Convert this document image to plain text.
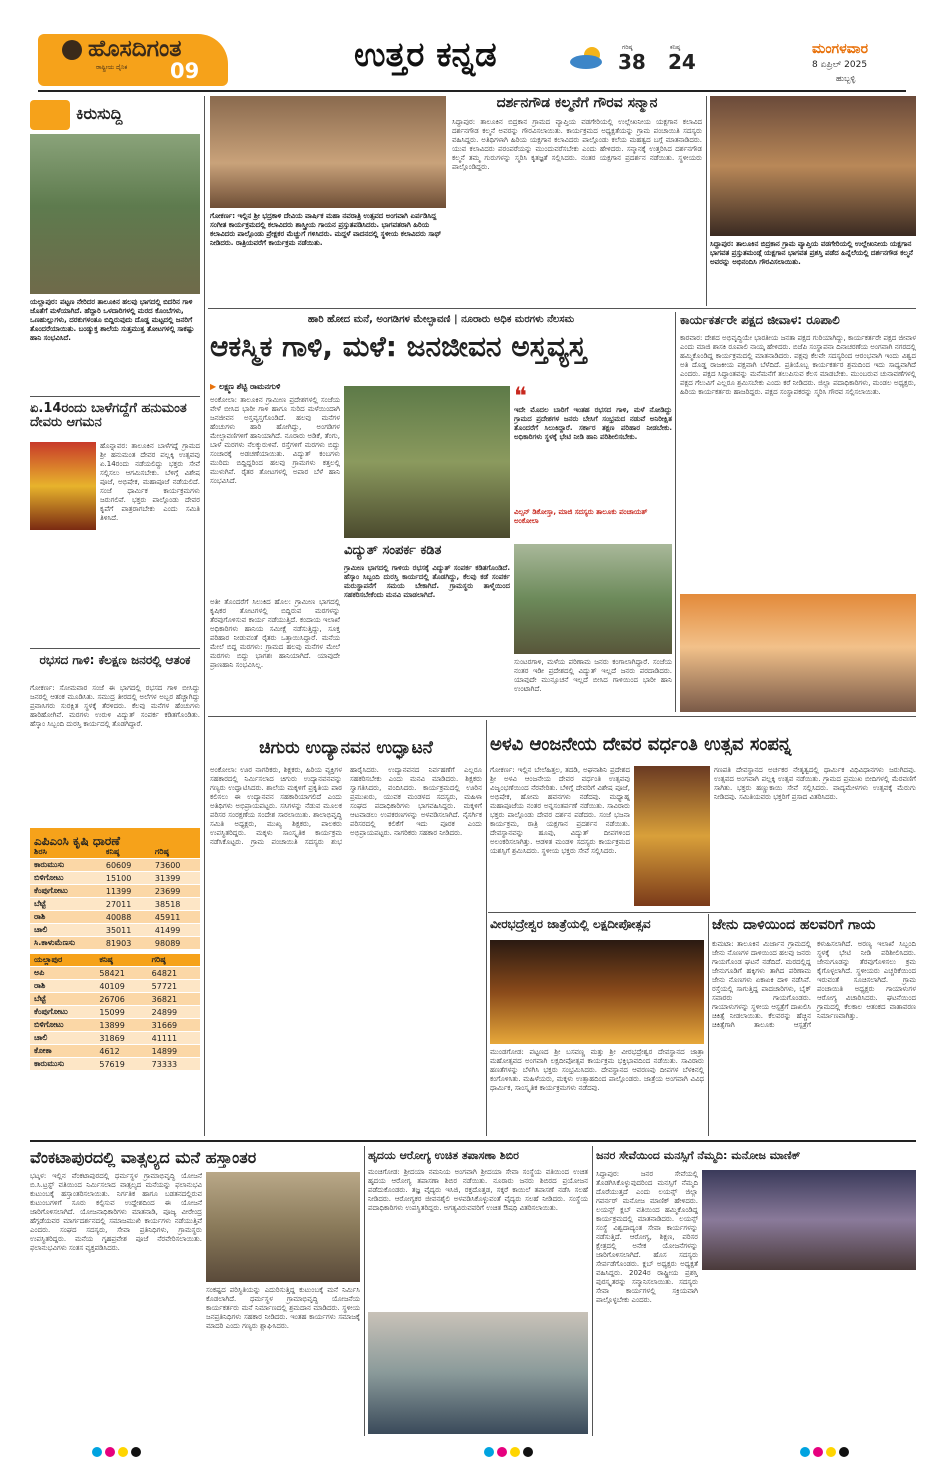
ಹೊಸದಿಗಂತ
ರಾಷ್ಟ್ರೀಯ ದೈನಿಕ 09	ಉತ್ತರ ಕನ್ನಡ	ಗರಿಷ್ಠ
38
ಕನಿಷ್ಠ
24
ಮಂಗಳವಾರ
8 ಏಪ್ರಿಲ್ 2025
ಹುಬ್ಬಳ್ಳಿ
ಕಿರುಸುದ್ದಿ
ಯಲ್ಲಾಪುರ: ಪಟ್ಟಣ ನೇರಿದರ ತಾಲೂಕಿನ ಹಲವು ಭಾಗದಲ್ಲಿ ಬಿದರಿನ ಗಾಳಿ ಜೊತೆಗೆ ಮಳೆಯಾಗಿದೆ. ಹೆದ್ದಾರಿ ಒಳದಾರಿಗಳಲ್ಲಿ ಮರದ ಕೊಂಬೆಗಳು, ಒಣಹುಲ್ಲುಗಳು, ದರಕುಗಳಂತೂ ಬಿದ್ದಿರುವುದು ದೊಡ್ಡ ಮಟ್ಟದಲ್ಲಿ ಜನರಿಗೆ ತೊಂದರೆಯಾಯಿತು. ಬಂಡ್ಯುಕ್ತ ಶಾಲೆಯ ಸುತ್ತಮುತ್ತ ತೋಟಗಳಲ್ಲಿ ಸಾಕಷ್ಟು ಹಾನಿ ಸಂಭವಿಸಿದೆ.
ಏ.14ರಂದು ಬಾಳೆಗದ್ದೆಗೆ ಹನುಮಂತ ದೇವರು ಆಗಮನ
ಹೊನ್ನಾವರ: ತಾಲೂಕಿನ ಬಾಳೆಗದ್ದೆ ಗ್ರಾಮದ ಶ್ರೀ ಹನುಮಂತ ದೇವರ ಪಲ್ಲಕ್ಕಿ ಉತ್ಸವವು ಏ.14ರಂದು ನಡೆಯಲಿದ್ದು ಭಕ್ತರು ಸೇವೆ ಸಲ್ಲಿಸಲು ಆಗಮಿಸಬೇಕು. ಬೆಳಿಗ್ಗೆ ವಿಶೇಷ ಪೂಜೆ, ಅಭಿಷೇಕ, ಮಹಾಪೂಜೆ ನಡೆಯಲಿದೆ. ಸಂಜೆ ಧಾರ್ಮಿಕ ಕಾರ್ಯಕ್ರಮಗಳು ಜರುಗಲಿವೆ. ಭಕ್ತರು ಪಾಲ್ಗೊಂಡು ದೇವರ ಕೃಪೆಗೆ ಪಾತ್ರರಾಗಬೇಕು ಎಂದು ಸಮಿತಿ ತಿಳಿಸಿದೆ.
ರಭಸದ ಗಾಳಿ: ಕೆಲಕ್ಷಣ ಜನರಲ್ಲಿ ಆತಂಕ
ಗೋಕರ್ಣ: ಸೋಮವಾರ ಸಂಜೆ ಈ ಭಾಗದಲ್ಲಿ ರಭಸದ ಗಾಳಿ ಬೀಸಿದ್ದು ಜನರಲ್ಲಿ ಆತಂಕ ಮೂಡಿಸಿತು. ಸಮುದ್ರ ತೀರದಲ್ಲಿ ಅಲೆಗಳ ಅಬ್ಬರ ಹೆಚ್ಚಾಗಿದ್ದು ಪ್ರವಾಸಿಗರು ಸುರಕ್ಷಿತ ಸ್ಥಳಕ್ಕೆ ತೆರಳಿದರು. ಕೆಲವು ಮನೆಗಳ ಹೆಂಚುಗಳು ಹಾರಿಹೋಗಿವೆ. ಮರಗಳು ಉರುಳಿ ವಿದ್ಯುತ್ ಸಂಪರ್ಕ ಕಡಿತಗೊಂಡಿತು. ಹೆಸ್ಕಾಂ ಸಿಬ್ಬಂದಿ ದುರಸ್ತಿ ಕಾರ್ಯದಲ್ಲಿ ತೊಡಗಿದ್ದಾರೆ.
ಎಪಿಎಂಸಿ ಕೃಷಿ ಧಾರಣೆ
ಶಿರಸಿ	ಕನಿಷ್ಠ	ಗರಿಷ್ಠ
ಕಾರುಮುಸು	60609	73600
ಬಿಳಿಗೋಟು	15100	31399
ಕೆಂಪುಗೋಟು	11399	23699
ಬೆಟ್ಟೆ	27011	38518
ರಾಶಿ	40088	45911
ಚಾಲಿ	35011	41499
ಸಿ.ಕಾಳುಮೆಣಸು	81903	98089
ಯಲ್ಲಾಪುರ	ಕನಿಷ್ಠ	ಗರಿಷ್ಠ
ಅಪಿ	58421	64821
ರಾಶಿ	40109	57721
ಬೆಟ್ಟೆ	26706	36821
ಕೆಂಪುಗೋಟು	15099	24899
ಬಿಳಿಗೋಟು	13899	31669
ಚಾಲಿ	31869	41111
ಕೋಕಾ	4612	14899
ಕಾರುಮುಸು	57619	73333
ಗೋಕರ್ಣ: ಇಲ್ಲಿನ ಶ್ರೀ ಭದ್ರಕಾಳಿ ದೇವಿಯ ವಾರ್ಷಿಕ ಮಹಾ ನವರಾತ್ರಿ ಉತ್ಸವದ ಅಂಗವಾಗಿ ಏರ್ಪಡಿಸಿದ್ದ ಸಂಗೀತ ಕಾರ್ಯಕ್ರಮದಲ್ಲಿ ಕಲಾವಿದರು ಶಾಸ್ತ್ರೀಯ ಗಾಯನ ಪ್ರಸ್ತುತಪಡಿಸಿದರು. ಭಾಗವತರಾಗಿ ಹಿರಿಯ ಕಲಾವಿದರು ಪಾಲ್ಗೊಂಡು ಪ್ರೇಕ್ಷಕರ ಮೆಚ್ಚುಗೆ ಗಳಿಸಿದರು. ಮದ್ದಳೆ ವಾದನದಲ್ಲಿ ಸ್ಥಳೀಯ ಕಲಾವಿದರು ಸಾಥ್ ನೀಡಿದರು. ರಾತ್ರಿಯವರೆಗೆ ಕಾರ್ಯಕ್ರಮ ನಡೆಯಿತು.
ದರ್ಶನಗೌಡ ಕಲ್ಮನೆಗೆ ಗೌರವ ಸನ್ಮಾನ
ಸಿದ್ದಾಪುರ: ತಾಲೂಕಿನ ಬಿದ್ರಕಾನ ಗ್ರಾಮದ ವ್ಯಾಪ್ತಿಯ ವಡಗೇರಿಯಲ್ಲಿ ಉಲ್ಲೇಖನೀಯ ಯಕ್ಷಗಾನ ಕಲಾವಿದ ದರ್ಶನಗೌಡ ಕಲ್ಮನೆ ಅವರನ್ನು ಗೌರವಿಸಲಾಯಿತು. ಕಾರ್ಯಕ್ರಮದ ಅಧ್ಯಕ್ಷತೆಯನ್ನು ಗ್ರಾಮ ಪಂಚಾಯಿತಿ ಸದಸ್ಯರು ವಹಿಸಿದ್ದರು. ಅತಿಥಿಗಳಾಗಿ ಹಿರಿಯ ಯಕ್ಷಗಾನ ಕಲಾವಿದರು ಪಾಲ್ಗೊಂಡು ಕಲೆಯ ಮಹತ್ವದ ಬಗ್ಗೆ ಮಾತನಾಡಿದರು. ಯುವ ಕಲಾವಿದರು ಪರಂಪರೆಯನ್ನು ಮುಂದುವರೆಸಬೇಕು ಎಂದು ಹೇಳಿದರು. ಸನ್ಮಾನಕ್ಕೆ ಉತ್ತರಿಸಿದ ದರ್ಶನಗೌಡ ಕಲ್ಮನೆ ತಮ್ಮ ಗುರುಗಳನ್ನು ಸ್ಮರಿಸಿ ಕೃತಜ್ಞತೆ ಸಲ್ಲಿಸಿದರು. ನಂತರ ಯಕ್ಷಗಾನ ಪ್ರದರ್ಶನ ನಡೆಯಿತು. ಸ್ಥಳೀಯರು ಪಾಲ್ಗೊಂಡಿದ್ದರು.
ಸಿದ್ದಾಪುರ: ತಾಲೂಕಿನ ಬಿದ್ರಕಾನ ಗ್ರಾಮ ವ್ಯಾಪ್ತಿಯ ವಡಗೇರಿಯಲ್ಲಿ ಉಲ್ಲೇಖನೀಯ ಯಕ್ಷಗಾನ ಭಾಗವತ ಪ್ರಸ್ತುತಮಂಡ್ಗೆ ಯಕ್ಷಗಾನ ಭಾಗವತ ಪ್ರಶಸ್ತಿ ಪಡೆದ ಹಿನ್ನೆಲೆಯಲ್ಲಿ ದರ್ಶನಗೌಡ ಕಲ್ಮನೆ ಅವರನ್ನು ಅಭಿನಂದಿಸಿ ಗೌರವಿಸಲಾಯಿತು.
ಹಾರಿ ಹೋದ ಮನೆ, ಅಂಗಡಿಗಳ ಮೇಲ್ಛಾವಣಿ | ನೂರಾರು ಅಧಿಕ ಮರಗಳು ನೆಲಸಮ
ಆಕಸ್ಮಿಕ ಗಾಳಿ, ಮಳೆ: ಜನಜೀವನ ಅಸ್ತವ್ಯಸ್ತ
▶ ಲಕ್ಷ್ಮಣ ಶೆಟ್ಟಿ ರಾಮನಗುಳಿ
ಅಂಕೋಲಾ: ತಾಲೂಕಿನ ಗ್ರಾಮೀಣ ಪ್ರದೇಶಗಳಲ್ಲಿ ಸಂಜೆಯ ವೇಳೆ ಬೀಸಿದ ಭಾರೀ ಗಾಳಿ ಹಾಗೂ ಸುರಿದ ಮಳೆಯಿಂದಾಗಿ ಜನಜೀವನ ಅಸ್ತವ್ಯಸ್ತಗೊಂಡಿದೆ. ಹಲವು ಮನೆಗಳ ಹೆಂಚುಗಳು ಹಾರಿ ಹೋಗಿದ್ದು, ಅಂಗಡಿಗಳ ಮೇಲ್ಛಾವಣಿಗಳಿಗೆ ಹಾನಿಯಾಗಿದೆ. ನೂರಾರು ಅಡಿಕೆ, ತೆಂಗು, ಬಾಳೆ ಮರಗಳು ನೆಲಕ್ಕುರುಳಿವೆ. ರಸ್ತೆಗಳಿಗೆ ಮರಗಳು ಬಿದ್ದು ಸಂಚಾರಕ್ಕೆ ಅಡಚಣೆಯಾಯಿತು. ವಿದ್ಯುತ್ ಕಂಬಗಳು ಮುರಿದು ಬಿದ್ದಿದ್ದರಿಂದ ಹಲವು ಗ್ರಾಮಗಳು ಕತ್ತಲಲ್ಲಿ ಮುಳುಗಿವೆ. ರೈತರ ತೋಟಗಳಲ್ಲಿ ಅಪಾರ ಬೆಳೆ ಹಾನಿ ಸಂಭವಿಸಿದೆ.
ಅತೀ ತೊಂದರೆಗೆ ಸಿಲುಕಿದ ಹೊಲ: ಗ್ರಾಮೀಣ ಭಾಗದಲ್ಲಿ ಕೃಷಿಕರ ತೋಟಗಳಲ್ಲಿ ಬಿದ್ದಿರುವ ಮರಗಳನ್ನು ತೆರವುಗೊಳಿಸುವ ಕಾರ್ಯ ನಡೆಯುತ್ತಿದೆ. ಕಂದಾಯ ಇಲಾಖೆ ಅಧಿಕಾರಿಗಳು ಹಾನಿಯ ಸಮೀಕ್ಷೆ ನಡೆಸುತ್ತಿದ್ದು, ಸೂಕ್ತ ಪರಿಹಾರ ನೀಡುವಂತೆ ರೈತರು ಒತ್ತಾಯಿಸಿದ್ದಾರೆ. ಮನೆಯ ಮೇಲೆ ಬಿದ್ದ ಮರಗಳು: ಗ್ರಾಮದ ಹಲವು ಮನೆಗಳ ಮೇಲೆ ಮರಗಳು ಬಿದ್ದು ಭಾಗಶಃ ಹಾನಿಯಾಗಿದೆ. ಯಾವುದೇ ಪ್ರಾಣಹಾನಿ ಸಂಭವಿಸಿಲ್ಲ.
❝
ಇದೇ ಮೊದಲ ಬಾರಿಗೆ ಇಂತಹ ರಭಸದ ಗಾಳಿ, ಮಳೆ ನೋಡಿದ್ದು ಗ್ರಾಮದ ಪ್ರದೇಶಗಳ ಜನರು ಬೇಸಿಗೆ ಸಂಭ್ರಮದ ನಡುವೆ ಅನಿರೀಕ್ಷಿತ ತೊಂದರೆಗೆ ಸಿಲುಕಿದ್ದಾರೆ. ಸರ್ಕಾರ ತಕ್ಷಣ ಪರಿಹಾರ ನೀಡಬೇಕು. ಅಧಿಕಾರಿಗಳು ಸ್ಥಳಕ್ಕೆ ಭೇಟಿ ನೀಡಿ ಹಾನಿ ಪರಿಶೀಲಿಸಬೇಕು.
ವಿಲ್ಸನ್ ಡಿಕೋಸ್ತಾ, ಮಾಜಿ ಸದಸ್ಯರು ತಾಲೂಕು ಪಂಚಾಯತ್ ಅಂಕೋಲಾ
ವಿದ್ಯುತ್ ಸಂಪರ್ಕ ಕಡಿತ
ಗ್ರಾಮೀಣ ಭಾಗದಲ್ಲಿ ಗಾಳಿಯ ರಭಸಕ್ಕೆ ವಿದ್ಯುತ್ ಸಂಪರ್ಕ ಕಡಿತಗೊಂಡಿದೆ. ಹೆಸ್ಕಾಂ ಸಿಬ್ಬಂದಿ ದುರಸ್ತಿ ಕಾರ್ಯದಲ್ಲಿ ತೊಡಗಿದ್ದು, ಕೆಲವು ಕಡೆ ಸಂಪರ್ಕ ಮರುಸ್ಥಾಪನೆಗೆ ಸಮಯ ಬೇಕಾಗಿದೆ. ಗ್ರಾಮಸ್ಥರು ತಾಳ್ಮೆಯಿಂದ ಸಹಕರಿಸಬೇಕೆಂದು ಮನವಿ ಮಾಡಲಾಗಿದೆ.
ಸುಂಟರಗಾಳಿ, ಮಳೆಯ ಪರಿಣಾಮ ಜನರು ಕಂಗಾಲಾಗಿದ್ದಾರೆ. ಸಂಜೆಯ ನಂತರ ಇಡೀ ಪ್ರದೇಶದಲ್ಲಿ ವಿದ್ಯುತ್ ಇಲ್ಲದೆ ಜನರು ಪರದಾಡಿದರು. ಯಾವುದೇ ಮುನ್ಸೂಚನೆ ಇಲ್ಲದೆ ಬೀಸಿದ ಗಾಳಿಯಿಂದ ಭಾರೀ ಹಾನಿ ಉಂಟಾಗಿದೆ.
ಕಾರ್ಯಕರ್ತರೇ ಪಕ್ಷದ ಜೀವಾಳ: ರೂಪಾಲಿ
ಕಾರವಾರ: ದೇಶದ ಅಭಿವೃದ್ಧಿಯೇ ಭಾರತೀಯ ಜನತಾ ಪಕ್ಷದ ಗುರಿಯಾಗಿದ್ದು, ಕಾರ್ಯಕರ್ತರೇ ಪಕ್ಷದ ಜೀವಾಳ ಎಂದು ಮಾಜಿ ಶಾಸಕಿ ರೂಪಾಲಿ ನಾಯ್ಕ ಹೇಳಿದರು. ಬಿಜೆಪಿ ಸಂಸ್ಥಾಪನಾ ದಿನಾಚರಣೆಯ ಅಂಗವಾಗಿ ನಗರದಲ್ಲಿ ಹಮ್ಮಿಕೊಂಡಿದ್ದ ಕಾರ್ಯಕ್ರಮದಲ್ಲಿ ಮಾತನಾಡಿದರು. ಪಕ್ಷವು ಕೆಲವೇ ಸದಸ್ಯರಿಂದ ಆರಂಭವಾಗಿ ಇಂದು ವಿಶ್ವದ ಅತಿ ದೊಡ್ಡ ರಾಜಕೀಯ ಪಕ್ಷವಾಗಿ ಬೆಳೆದಿದೆ. ಪ್ರತಿಯೊಬ್ಬ ಕಾರ್ಯಕರ್ತರ ಶ್ರಮದಿಂದ ಇದು ಸಾಧ್ಯವಾಗಿದೆ ಎಂದರು. ಪಕ್ಷದ ಸಿದ್ಧಾಂತವನ್ನು ಮನೆಮನೆಗೆ ತಲುಪಿಸುವ ಕೆಲಸ ಮಾಡಬೇಕು. ಮುಂಬರುವ ಚುನಾವಣೆಗಳಲ್ಲಿ ಪಕ್ಷದ ಗೆಲುವಿಗೆ ಎಲ್ಲರೂ ಶ್ರಮಿಸಬೇಕು ಎಂದು ಕರೆ ನೀಡಿದರು. ಜಿಲ್ಲಾ ಪದಾಧಿಕಾರಿಗಳು, ಮಂಡಲ ಅಧ್ಯಕ್ಷರು, ಹಿರಿಯ ಕಾರ್ಯಕರ್ತರು ಹಾಜರಿದ್ದರು. ಪಕ್ಷದ ಸಂಸ್ಥಾಪಕರನ್ನು ಸ್ಮರಿಸಿ ಗೌರವ ಸಲ್ಲಿಸಲಾಯಿತು.
ಚಿಗುರು ಉದ್ಯಾನವನ ಉದ್ಘಾಟನೆ
ಅಂಕೋಲಾ: ಊರ ನಾಗರಿಕರು, ಶಿಕ್ಷಕರು, ಹಿರಿಯ ವ್ಯಕ್ತಿಗಳ ಸಹಕಾರದಲ್ಲಿ ನಿರ್ಮಿಸಲಾದ ಚಿಗುರು ಉದ್ಯಾನವನವನ್ನು ಗಣ್ಯರು ಉದ್ಘಾಟಿಸಿದರು. ಶಾಲೆಯ ಮಕ್ಕಳಿಗೆ ಪ್ರಕೃತಿಯ ಪಾಠ ಕಲಿಸಲು ಈ ಉದ್ಯಾನವನ ಸಹಕಾರಿಯಾಗಲಿದೆ ಎಂದು ಅತಿಥಿಗಳು ಅಭಿಪ್ರಾಯಪಟ್ಟರು. ಸಸಿಗಳನ್ನು ನೆಡುವ ಮೂಲಕ ಪರಿಸರ ಸಂರಕ್ಷಣೆಯ ಸಂದೇಶ ಸಾರಲಾಯಿತು. ಶಾಲಾಭಿವೃದ್ಧಿ ಸಮಿತಿ ಅಧ್ಯಕ್ಷರು, ಮುಖ್ಯ ಶಿಕ್ಷಕರು, ಪಾಲಕರು ಉಪಸ್ಥಿತರಿದ್ದರು. ಮಕ್ಕಳು ಸಾಂಸ್ಕೃತಿಕ ಕಾರ್ಯಕ್ರಮ ನಡೆಸಿಕೊಟ್ಟರು. ಗ್ರಾಮ ಪಂಚಾಯಿತಿ ಸದಸ್ಯರು ಶುಭ ಹಾರೈಸಿದರು. ಉದ್ಯಾನವನದ ನಿರ್ವಹಣೆಗೆ ಎಲ್ಲರೂ ಸಹಕರಿಸಬೇಕು ಎಂದು ಮನವಿ ಮಾಡಿದರು. ಶಿಕ್ಷಕರು ಸ್ವಾಗತಿಸಿದರು, ವಂದಿಸಿದರು. ಕಾರ್ಯಕ್ರಮದಲ್ಲಿ ಊರಿನ ಪ್ರಮುಖರು, ಯುವಕ ಮಂಡಳದ ಸದಸ್ಯರು, ಮಹಿಳಾ ಸಂಘದ ಪದಾಧಿಕಾರಿಗಳು ಭಾಗವಹಿಸಿದ್ದರು. ಮಕ್ಕಳಿಗೆ ಆಟವಾಡಲು ಉಪಕರಣಗಳನ್ನು ಅಳವಡಿಸಲಾಗಿದೆ. ನೈಸರ್ಗಿಕ ಪರಿಸರದಲ್ಲಿ ಕಲಿಕೆಗೆ ಇದು ಪೂರಕ ಎಂದು ಅಭಿಪ್ರಾಯಪಟ್ಟರು. ನಾಗರಿಕರು ಸಹಕಾರ ನೀಡಿದರು.
ಅಳವಿ ಆಂಜನೇಯ ದೇವರ ವರ್ಧಂತಿ ಉತ್ಸವ ಸಂಪನ್ನ
ಗೋಕರ್ಣ: ಇಲ್ಲಿನ ಬೇಲೆಹಿತ್ತಲ, ತದಡಿ, ಅಘನಾಶಿನಿ ಪ್ರದೇಶದ ಶ್ರೀ ಅಳವಿ ಆಂಜನೇಯ ದೇವರ ವರ್ಧಂತಿ ಉತ್ಸವವು ವಿಜೃಂಭಣೆಯಿಂದ ನೆರವೇರಿತು. ಬೆಳಿಗ್ಗೆ ದೇವರಿಗೆ ವಿಶೇಷ ಪೂಜೆ, ಅಭಿಷೇಕ, ಹೋಮ ಹವನಗಳು ನಡೆದವು. ಮಧ್ಯಾಹ್ನ ಮಹಾಪೂಜೆಯ ನಂತರ ಅನ್ನಸಂತರ್ಪಣೆ ನಡೆಯಿತು. ಸಾವಿರಾರು ಭಕ್ತರು ಪಾಲ್ಗೊಂಡು ದೇವರ ದರ್ಶನ ಪಡೆದರು. ಸಂಜೆ ಭಜನಾ ಕಾರ್ಯಕ್ರಮ, ರಾತ್ರಿ ಯಕ್ಷಗಾನ ಪ್ರದರ್ಶನ ನಡೆಯಿತು. ದೇವಸ್ಥಾನವನ್ನು ಹೂವು, ವಿದ್ಯುತ್ ದೀಪಗಳಿಂದ ಅಲಂಕರಿಸಲಾಗಿತ್ತು. ಆಡಳಿತ ಮಂಡಳಿ ಸದಸ್ಯರು ಕಾರ್ಯಕ್ರಮದ ಯಶಸ್ಸಿಗೆ ಶ್ರಮಿಸಿದರು. ಸ್ಥಳೀಯ ಭಕ್ತರು ಸೇವೆ ಸಲ್ಲಿಸಿದರು.
ಗಣಪತಿ ದೇವಸ್ಥಾನದ ಅರ್ಚಕರ ನೇತೃತ್ವದಲ್ಲಿ ಧಾರ್ಮಿಕ ವಿಧಿವಿಧಾನಗಳು ಜರುಗಿದವು. ಉತ್ಸವದ ಅಂಗವಾಗಿ ಪಲ್ಲಕ್ಕಿ ಉತ್ಸವ ನಡೆಯಿತು. ಗ್ರಾಮದ ಪ್ರಮುಖ ಬೀದಿಗಳಲ್ಲಿ ಮೆರವಣಿಗೆ ಸಾಗಿತು. ಭಕ್ತರು ಹಣ್ಣುಕಾಯಿ ಸೇವೆ ಸಲ್ಲಿಸಿದರು. ವಾದ್ಯಮೇಳಗಳು ಉತ್ಸವಕ್ಕೆ ಮೆರುಗು ನೀಡಿದವು. ಸಮಿತಿಯವರು ಭಕ್ತರಿಗೆ ಪ್ರಸಾದ ವಿತರಿಸಿದರು.
ವೀರಭದ್ರೇಶ್ವರ ಜಾತ್ರೆಯಲ್ಲಿ ಲಕ್ಷದೀಪೋತ್ಸವ
ಮುಂಡಗೋಡ: ಪಟ್ಟಣದ ಶ್ರೀ ಬಸವಣ್ಣ ಮತ್ತು ಶ್ರೀ ವೀರಭದ್ರೇಶ್ವರ ದೇವಸ್ಥಾನದ ಜಾತ್ರಾ ಮಹೋತ್ಸವದ ಅಂಗವಾಗಿ ಲಕ್ಷದೀಪೋತ್ಸವ ಕಾರ್ಯಕ್ರಮ ಭಕ್ತಿಭಾವದಿಂದ ನಡೆಯಿತು. ಸಾವಿರಾರು ಹಣತೆಗಳನ್ನು ಬೆಳಗಿಸಿ ಭಕ್ತರು ಸಂಭ್ರಮಿಸಿದರು. ದೇವಸ್ಥಾನದ ಆವರಣವು ದೀಪಗಳ ಬೆಳಕಿನಲ್ಲಿ ಕಂಗೊಳಿಸಿತು. ಮಹಿಳೆಯರು, ಮಕ್ಕಳು ಉತ್ಸಾಹದಿಂದ ಪಾಲ್ಗೊಂಡರು. ಜಾತ್ರೆಯ ಅಂಗವಾಗಿ ವಿವಿಧ ಧಾರ್ಮಿಕ, ಸಾಂಸ್ಕೃತಿಕ ಕಾರ್ಯಕ್ರಮಗಳು ನಡೆದವು.
ಜೇನು ದಾಳಿಯಿಂದ ಹಲವರಿಗೆ ಗಾಯ
ಕುಮಟಾ: ತಾಲೂಕಿನ ಮಿರ್ಜಾನ ಗ್ರಾಮದಲ್ಲಿ ಜೇನು ನೊಣಗಳ ದಾಳಿಯಿಂದ ಹಲವು ಜನರು ಗಾಯಗೊಂಡ ಘಟನೆ ನಡೆದಿದೆ. ಮರದಲ್ಲಿದ್ದ ಜೇನುಗೂಡಿಗೆ ಹಕ್ಕಿಗಳು ತಾಗಿದ ಪರಿಣಾಮ ಜೇನು ನೊಣಗಳು ಏಕಾಏಕಿ ದಾಳಿ ನಡೆಸಿವೆ. ರಸ್ತೆಯಲ್ಲಿ ಸಾಗುತ್ತಿದ್ದ ಪಾದಚಾರಿಗಳು, ಬೈಕ್ ಸವಾರರು ಗಾಯಗೊಂಡರು. ಗಾಯಾಳುಗಳನ್ನು ಸ್ಥಳೀಯ ಆಸ್ಪತ್ರೆಗೆ ದಾಖಲಿಸಿ ಚಿಕಿತ್ಸೆ ನೀಡಲಾಯಿತು. ಕೆಲವರನ್ನು ಹೆಚ್ಚಿನ ಚಿಕಿತ್ಸೆಗಾಗಿ ತಾಲೂಕು ಆಸ್ಪತ್ರೆಗೆ ಕಳುಹಿಸಲಾಗಿದೆ. ಅರಣ್ಯ ಇಲಾಖೆ ಸಿಬ್ಬಂದಿ ಸ್ಥಳಕ್ಕೆ ಭೇಟಿ ನೀಡಿ ಪರಿಶೀಲಿಸಿದರು. ಜೇನುಗೂಡನ್ನು ತೆರವುಗೊಳಿಸಲು ಕ್ರಮ ಕೈಗೊಳ್ಳಲಾಗಿದೆ. ಸ್ಥಳೀಯರು ಎಚ್ಚರಿಕೆಯಿಂದ ಇರುವಂತೆ ಸೂಚಿಸಲಾಗಿದೆ. ಗ್ರಾಮ ಪಂಚಾಯಿತಿ ಅಧ್ಯಕ್ಷರು ಗಾಯಾಳುಗಳ ಆರೋಗ್ಯ ವಿಚಾರಿಸಿದರು. ಘಟನೆಯಿಂದ ಗ್ರಾಮದಲ್ಲಿ ಕೆಲಕಾಲ ಆತಂಕದ ವಾತಾವರಣ ನಿರ್ಮಾಣವಾಗಿತ್ತು.
ವೆಂಕಟಾಪುರದಲ್ಲಿ ವಾತ್ಸಲ್ಯದ ಮನೆ ಹಸ್ತಾಂತರ
ಭಟ್ಕಳ: ಇಲ್ಲಿನ ವೆಂಕಟಾಪುರದಲ್ಲಿ ಧರ್ಮಸ್ಥಳ ಗ್ರಾಮಾಭಿವೃದ್ಧಿ ಯೋಜನೆ ಬಿ.ಸಿ.ಟ್ರಸ್ಟ್ ವತಿಯಿಂದ ನಿರ್ಮಿಸಲಾದ ವಾತ್ಸಲ್ಯದ ಮನೆಯನ್ನು ಫಲಾನುಭವಿ ಕುಟುಂಬಕ್ಕೆ ಹಸ್ತಾಂತರಿಸಲಾಯಿತು. ನಿರ್ಗತಿಕ ಹಾಗೂ ಬಡತನದಲ್ಲಿರುವ ಕುಟುಂಬಗಳಿಗೆ ಸೂರು ಕಲ್ಪಿಸುವ ಉದ್ದೇಶದಿಂದ ಈ ಯೋಜನೆ ಜಾರಿಗೊಳಿಸಲಾಗಿದೆ. ಯೋಜನಾಧಿಕಾರಿಗಳು ಮಾತನಾಡಿ, ಪೂಜ್ಯ ವೀರೇಂದ್ರ ಹೆಗ್ಗಡೆಯವರ ಮಾರ್ಗದರ್ಶನದಲ್ಲಿ ಸಮಾಜಮುಖಿ ಕಾರ್ಯಗಳು ನಡೆಯುತ್ತಿವೆ ಎಂದರು. ಸಂಘದ ಸದಸ್ಯರು, ಸೇವಾ ಪ್ರತಿನಿಧಿಗಳು, ಗ್ರಾಮಸ್ಥರು ಉಪಸ್ಥಿತರಿದ್ದರು. ಮನೆಯ ಗೃಹಪ್ರವೇಶ ಪೂಜೆ ನೆರವೇರಿಸಲಾಯಿತು. ಫಲಾನುಭವಿಗಳು ಸಂತಸ ವ್ಯಕ್ತಪಡಿಸಿದರು.
ಸಂಕಷ್ಟದ ಪರಿಸ್ಥಿತಿಯನ್ನು ಎದುರಿಸುತ್ತಿದ್ದ ಕುಟುಂಬಕ್ಕೆ ಮನೆ ನಿರ್ಮಿಸಿ ಕೊಡಲಾಗಿದೆ. ಧರ್ಮಸ್ಥಳ ಗ್ರಾಮಾಭಿವೃದ್ಧಿ ಯೋಜನೆಯ ಕಾರ್ಯಕರ್ತರು ಮನೆ ನಿರ್ಮಾಣದಲ್ಲಿ ಶ್ರಮದಾನ ಮಾಡಿದರು. ಸ್ಥಳೀಯ ಜನಪ್ರತಿನಿಧಿಗಳು ಸಹಕಾರ ನೀಡಿದರು. ಇಂತಹ ಕಾರ್ಯಗಳು ಸಮಾಜಕ್ಕೆ ಮಾದರಿ ಎಂದು ಗಣ್ಯರು ಶ್ಲಾಘಿಸಿದರು.
ಹೃದಯ ಆರೋಗ್ಯ ಉಚಿತ ತಪಾಸಣಾ ಶಿಬಿರ
ಮಂಚಿಗೋಡ: ಶ್ರೀದಯಾ ನಮನಿಯ ಅಂಗವಾಗಿ ಶ್ರೀದಯಾ ಸೇವಾ ಸಂಸ್ಥೆಯ ವತಿಯಿಂದ ಉಚಿತ ಹೃದಯ ಆರೋಗ್ಯ ತಪಾಸಣಾ ಶಿಬಿರ ನಡೆಯಿತು. ನೂರಾರು ಜನರು ಶಿಬಿರದ ಪ್ರಯೋಜನ ಪಡೆದುಕೊಂಡರು. ತಜ್ಞ ವೈದ್ಯರು ಇಸಿಜಿ, ರಕ್ತದೊತ್ತಡ, ಸಕ್ಕರೆ ಕಾಯಿಲೆ ತಪಾಸಣೆ ನಡೆಸಿ ಸಲಹೆ ನೀಡಿದರು. ಆರೋಗ್ಯಕರ ಜೀವನಶೈಲಿ ಅಳವಡಿಸಿಕೊಳ್ಳುವಂತೆ ವೈದ್ಯರು ಸಲಹೆ ನೀಡಿದರು. ಸಂಸ್ಥೆಯ ಪದಾಧಿಕಾರಿಗಳು ಉಪಸ್ಥಿತರಿದ್ದರು. ಅಗತ್ಯವಿರುವವರಿಗೆ ಉಚಿತ ಔಷಧಿ ವಿತರಿಸಲಾಯಿತು.
ಜನರ ಸೇವೆಯಿಂದ ಮನಸ್ಸಿಗೆ ನೆಮ್ಮದಿ: ಮನೋಜ ಮಾಣಿಕ್
ಸಿದ್ದಾಪುರ: ಜನರ ಸೇವೆಯಲ್ಲಿ ತೊಡಗಿಸಿಕೊಳ್ಳುವುದರಿಂದ ಮನಸ್ಸಿಗೆ ನೆಮ್ಮದಿ ದೊರೆಯುತ್ತದೆ ಎಂದು ಲಯನ್ಸ್ ಜಿಲ್ಲಾ ಗವರ್ನರ್ ಮನೋಜ ಮಾಣಿಕ್ ಹೇಳಿದರು. ಲಯನ್ಸ್ ಕ್ಲಬ್ ವತಿಯಿಂದ ಹಮ್ಮಿಕೊಂಡಿದ್ದ ಕಾರ್ಯಕ್ರಮದಲ್ಲಿ ಮಾತನಾಡಿದರು. ಲಯನ್ಸ್ ಸಂಸ್ಥೆ ವಿಶ್ವದಾದ್ಯಂತ ಸೇವಾ ಕಾರ್ಯಗಳನ್ನು ನಡೆಸುತ್ತಿದೆ. ಆರೋಗ್ಯ, ಶಿಕ್ಷಣ, ಪರಿಸರ ಕ್ಷೇತ್ರದಲ್ಲಿ ಅನೇಕ ಯೋಜನೆಗಳನ್ನು ಜಾರಿಗೊಳಿಸಲಾಗಿದೆ. ಹೊಸ ಸದಸ್ಯರು ಸೇರ್ಪಡೆಗೊಂಡರು. ಕ್ಲಬ್ ಅಧ್ಯಕ್ಷರು ಅಧ್ಯಕ್ಷತೆ ವಹಿಸಿದ್ದರು. 2024ರ ರಾಷ್ಟ್ರೀಯ ಪ್ರಶಸ್ತಿ ಪುರಸ್ಕೃತರನ್ನು ಸನ್ಮಾನಿಸಲಾಯಿತು. ಸದಸ್ಯರು ಸೇವಾ ಕಾರ್ಯಗಳಲ್ಲಿ ಸಕ್ರಿಯವಾಗಿ ಪಾಲ್ಗೊಳ್ಳಬೇಕು ಎಂದರು.
